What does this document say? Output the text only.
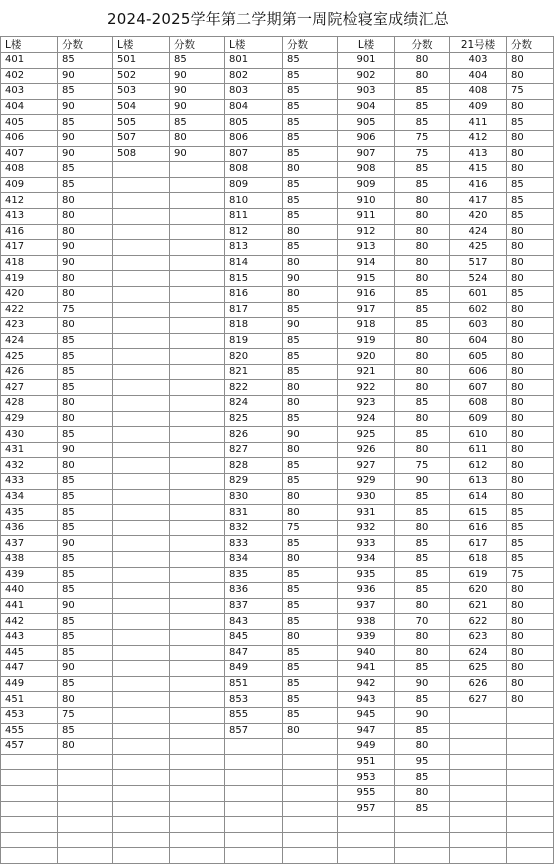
2024-2025学年第二学期第一周院检寝室成绩汇总
L楼	分数	L楼	分数	L楼	分数	L楼	分数	21号楼	分数
401	85	501	85	801	85	901	80	403	80
402	90	502	90	802	85	902	80	404	80
403	85	503	90	803	85	903	85	408	75
404	90	504	90	804	85	904	85	409	80
405	85	505	85	805	85	905	85	411	85
406	90	507	80	806	85	906	75	412	80
407	90	508	90	807	85	907	75	413	80
408	85			808	80	908	85	415	80
409	85			809	85	909	85	416	85
412	80			810	85	910	80	417	85
413	80			811	85	911	80	420	85
416	80			812	80	912	80	424	80
417	90			813	85	913	80	425	80
418	90			814	80	914	80	517	80
419	80			815	90	915	80	524	80
420	80			816	80	916	85	601	85
422	75			817	85	917	85	602	80
423	80			818	90	918	85	603	80
424	85			819	85	919	80	604	80
425	85			820	85	920	80	605	80
426	85			821	85	921	80	606	80
427	85			822	80	922	80	607	80
428	80			824	80	923	85	608	80
429	80			825	85	924	80	609	80
430	85			826	90	925	85	610	80
431	90			827	80	926	80	611	80
432	80			828	85	927	75	612	80
433	85			829	85	929	90	613	80
434	85			830	80	930	85	614	80
435	85			831	80	931	85	615	85
436	85			832	75	932	80	616	85
437	90			833	85	933	85	617	85
438	85			834	80	934	85	618	85
439	85			835	85	935	85	619	75
440	85			836	85	936	85	620	80
441	90			837	85	937	80	621	80
442	85			843	85	938	70	622	80
443	85			845	80	939	80	623	80
445	85			847	85	940	80	624	80
447	90			849	85	941	85	625	80
449	85			851	85	942	90	626	80
451	80			853	85	943	85	627	80
453	75			855	85	945	90		
455	85			857	80	947	85		
457	80					949	80		
						951	95		
						953	85		
						955	80		
						957	85		
